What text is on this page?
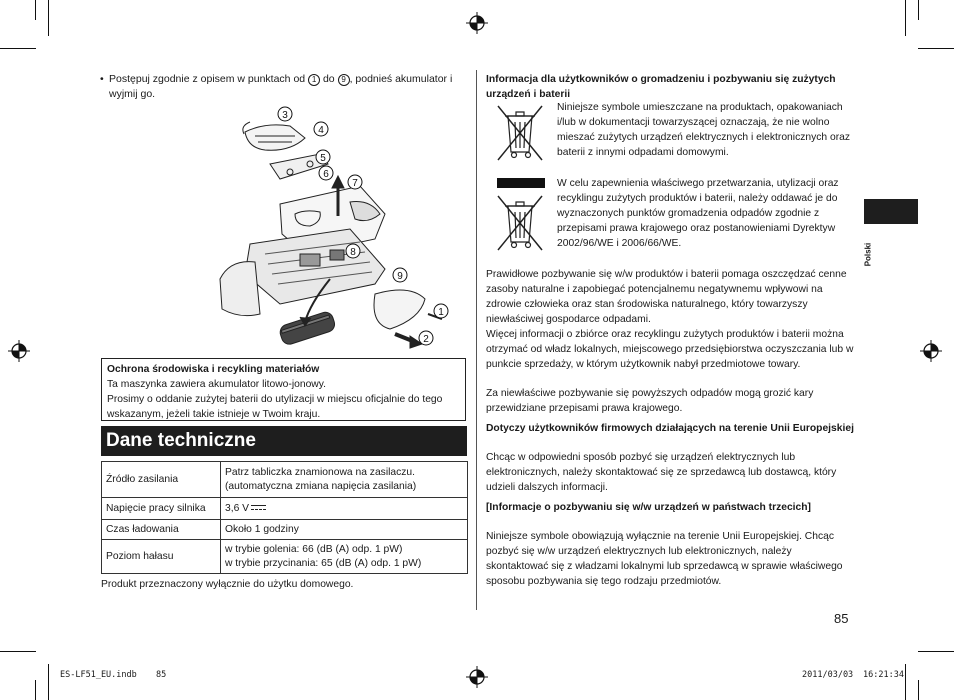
• Postępuj zgodnie z opisem w punktach od 1 do 9 , podnieś akumulator i wyjmij go.
3
4
5
6
7
8
9
1
2
Ochrona środowiska i recykling materiałów
Ta maszynka zawiera akumulator litowo-jonowy.
Prosimy o oddanie zużytej baterii do utylizacji w miejscu oficjalnie do tego wskazanym, jeżeli takie istnieje w Twoim kraju.
Dane techniczne
Źródło zasilania	Patrz tabliczka znamionowa na zasilaczu. (automatyczna zmiana napięcia zasilania)
Napięcie pracy silnika	3,6 V
Czas ładowania	Około 1 godziny
Poziom hałasu	w trybie golenia: 66 (dB (A) odp. 1 pW)
w trybie przycinania: 65 (dB (A) odp. 1 pW)
Produkt przeznaczony wyłącznie do użytku domowego.
Informacja dla użytkowników o gromadzeniu i pozbywaniu się zużytych urządzeń i baterii
Niniejsze symbole umieszczane na produktach, opakowaniach i/lub w dokumentacji towarzyszącej oznaczają, że nie wolno mieszać zużytych urządzeń elektrycznych i elektronicznych oraz baterii z innymi odpadami domowymi.
W celu zapewnienia właściwego przetwarzania, utylizacji oraz recyklingu zużytych produktów i baterii, należy oddawać je do wyznaczonych punktów gromadzenia odpadów zgodnie z przepisami prawa krajowego oraz postanowieniami Dyrektyw 2002/96/WE i 2006/66/WE.
Prawidłowe pozbywanie się w/w produktów i baterii pomaga oszczędzać cenne zasoby naturalne i zapobiegać potencjalnemu negatywnemu wpływowi na zdrowie człowieka oraz stan środowiska naturalnego, który towarzyszy niewłaściwej gospodarce odpadami.
Więcej informacji o zbiórce oraz recyklingu zużytych produktów i baterii można otrzymać od władz lokalnych, miejscowego przedsiębiorstwa oczyszczania lub w punkcie sprzedaży, w którym użytkownik nabył przedmiotowe towary.
Za niewłaściwe pozbywanie się powyższych odpadów mogą grozić kary przewidziane przepisami prawa krajowego.
Dotyczy użytkowników firmowych działających na terenie Unii Europejskiej
Chcąc w odpowiedni sposób pozbyć się urządzeń elektrycznych lub elektronicznych, należy skontaktować się ze sprzedawcą lub dostawcą, który udzieli dalszych informacji.
[Informacje o pozbywaniu się w/w urządzeń w państwach trzecich]
Niniejsze symbole obowiązują wyłącznie na terenie Unii Europejskiej. Chcąc pozbyć się w/w urządzeń elektrycznych lub elektronicznych, należy skontaktować się z władzami lokalnymi lub sprzedawcą w sprawie właściwego sposobu pozbywania się tego rodzaju przedmiotów.
Polski
85
ES-LF51_EU.indb 85	2011/03/03 16:21:34
